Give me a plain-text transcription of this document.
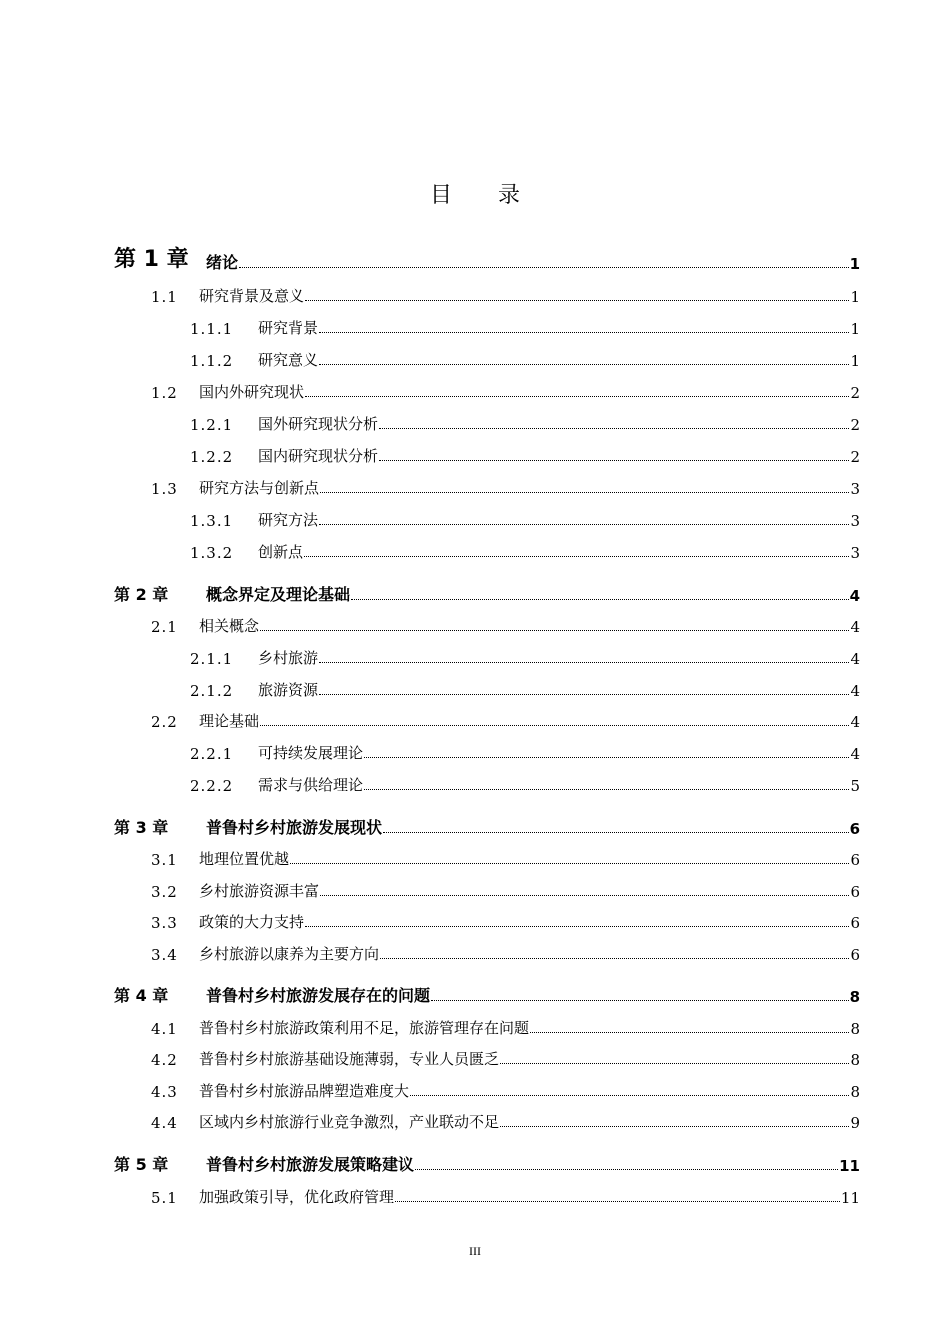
目 录
第 1 章	绪论	1
1.1	研究背景及意义	1
1.1.1	研究背景	1
1.1.2	研究意义	1
1.2	国内外研究现状	2
1.2.1	国外研究现状分析	2
1.2.2	国内研究现状分析	2
1.3	研究方法与创新点	3
1.3.1	研究方法	3
1.3.2	创新点	3
第 2 章	概念界定及理论基础	4
2.1	相关概念	4
2.1.1	乡村旅游	4
2.1.2	旅游资源	4
2.2	理论基础	4
2.2.1	可持续发展理论	4
2.2.2	需求与供给理论	5
第 3 章	普鲁村乡村旅游发展现状	6
3.1	地理位置优越	6
3.2	乡村旅游资源丰富	6
3.3	政策的大力支持	6
3.4	乡村旅游以康养为主要方向	6
第 4 章	普鲁村乡村旅游发展存在的问题	8
4.1	普鲁村乡村旅游政策利用不足，旅游管理存在问题	8
4.2	普鲁村乡村旅游基础设施薄弱，专业人员匮乏	8
4.3	普鲁村乡村旅游品牌塑造难度大	8
4.4	区域内乡村旅游行业竞争激烈，产业联动不足	9
第 5 章	普鲁村乡村旅游发展策略建议	11
5.1	加强政策引导，优化政府管理	11
III
